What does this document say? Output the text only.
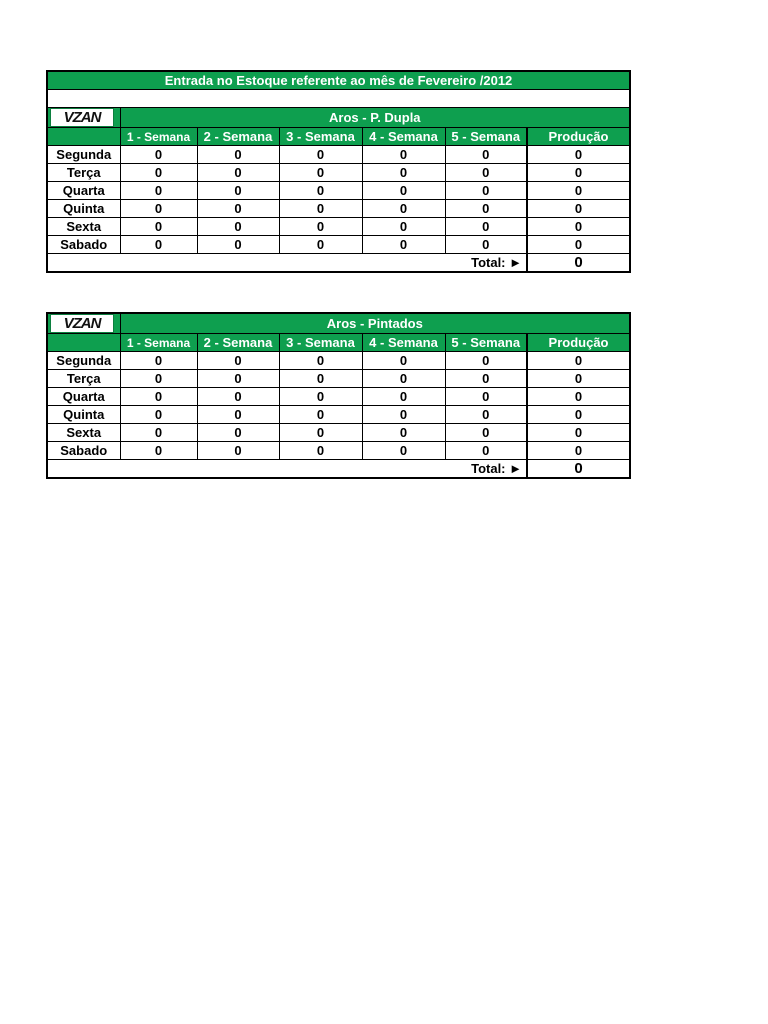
Entrada no Estoque referente ao mês de Fevereiro /2012						

VZAN	Aros - P. Dupla					
	1 - Semana	2 - Semana	3 - Semana	4 - Semana	5 - Semana	Produção
Segunda	0	0	0	0	0	0
Terça	0	0	0	0	0	0
Quarta	0	0	0	0	0	0
Quinta	0	0	0	0	0	0
Sexta	0	0	0	0	0	0
Sabado	0	0	0	0	0	0
Total: ►						0
VZAN	Aros - Pintados					
	1 - Semana	2 - Semana	3 - Semana	4 - Semana	5 - Semana	Produção
Segunda	0	0	0	0	0	0
Terça	0	0	0	0	0	0
Quarta	0	0	0	0	0	0
Quinta	0	0	0	0	0	0
Sexta	0	0	0	0	0	0
Sabado	0	0	0	0	0	0
Total: ►						0
